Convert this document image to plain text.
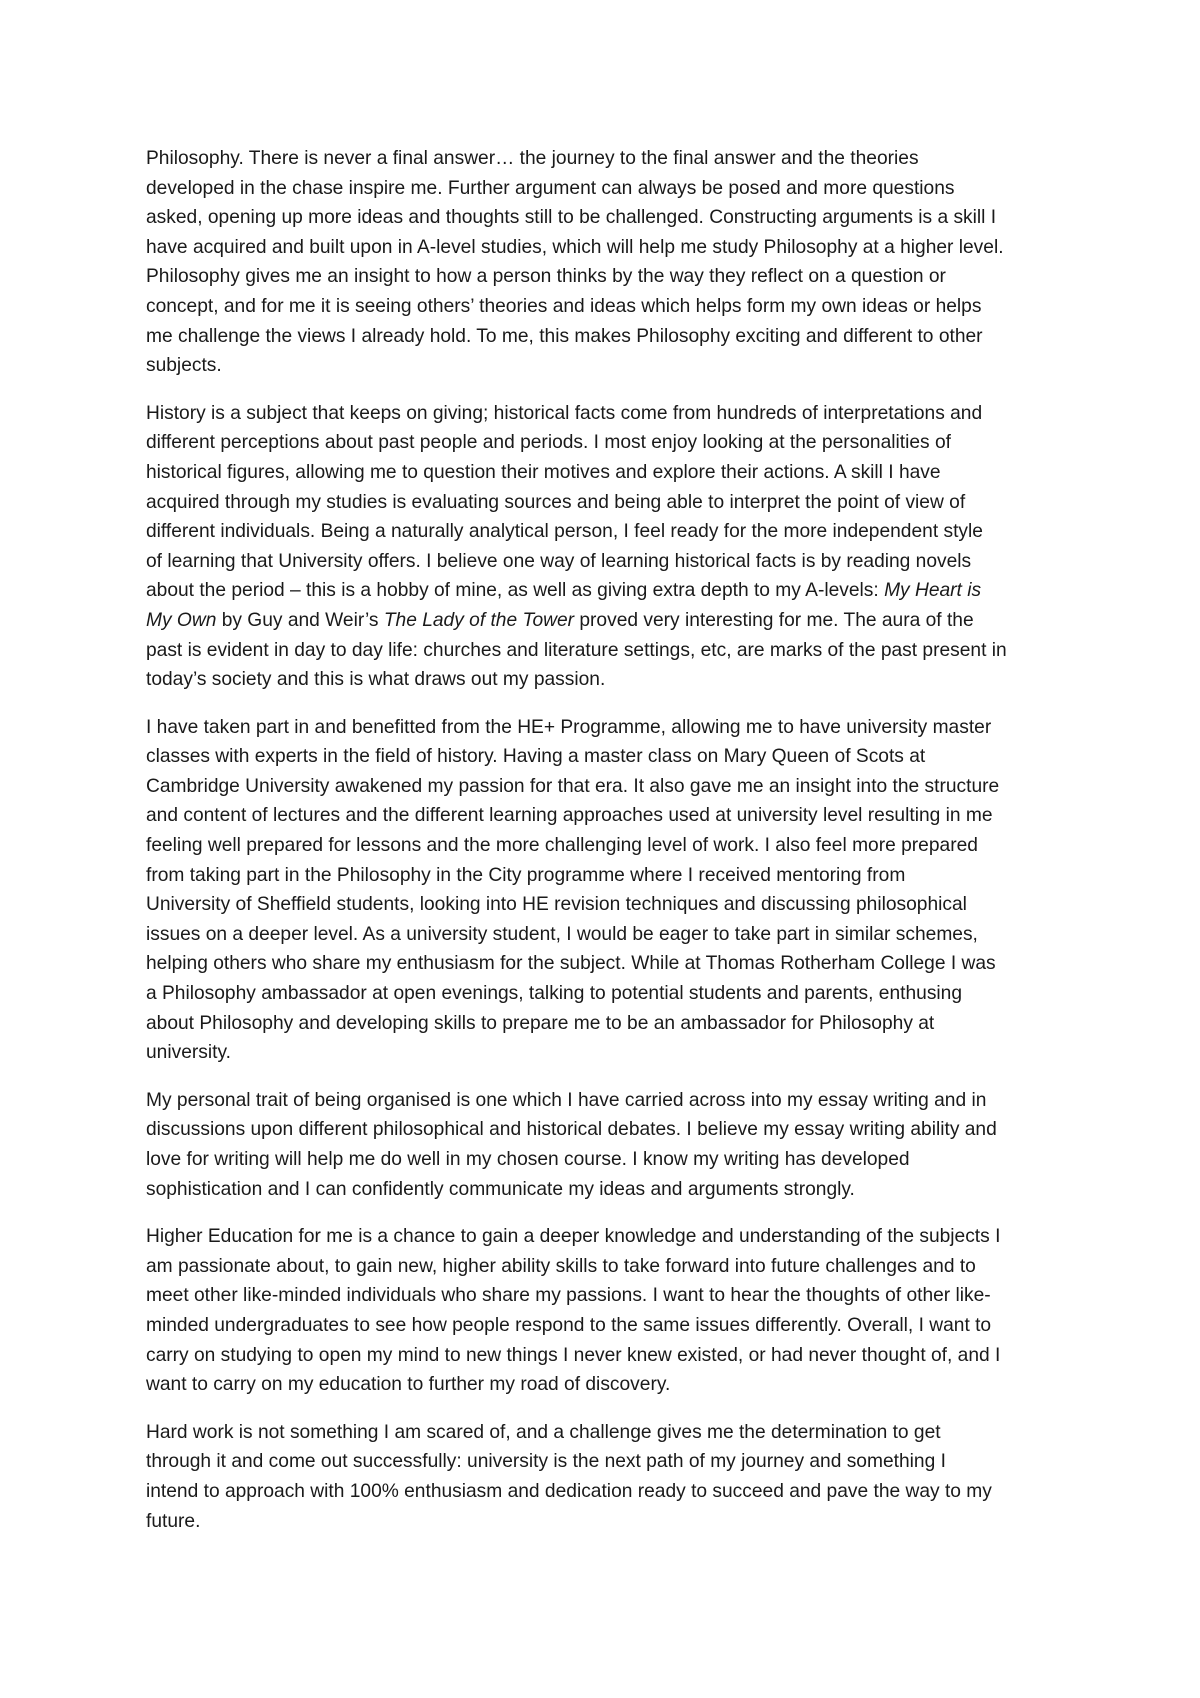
Philosophy. There is never a final answer… the journey to the final answer and the theories
developed in the chase inspire me. Further argument can always be posed and more questions
asked, opening up more ideas and thoughts still to be challenged. Constructing arguments is a skill I
have acquired and built upon in A-level studies, which will help me study Philosophy at a higher level.
Philosophy gives me an insight to how a person thinks by the way they reflect on a question or
concept, and for me it is seeing others’ theories and ideas which helps form my own ideas or helps
me challenge the views I already hold. To me, this makes Philosophy exciting and different to other
subjects.

History is a subject that keeps on giving; historical facts come from hundreds of interpretations and
different perceptions about past people and periods. I most enjoy looking at the personalities of
historical figures, allowing me to question their motives and explore their actions. A skill I have
acquired through my studies is evaluating sources and being able to interpret the point of view of
different individuals. Being a naturally analytical person, I feel ready for the more independent style
of learning that University offers. I believe one way of learning historical facts is by reading novels
about the period – this is a hobby of mine, as well as giving extra depth to my A-levels: My Heart is
My Own by Guy and Weir’s The Lady of the Tower proved very interesting for me. The aura of the
past is evident in day to day life: churches and literature settings, etc, are marks of the past present in
today’s society and this is what draws out my passion.

I have taken part in and benefitted from the HE+ Programme, allowing me to have university master
classes with experts in the field of history. Having a master class on Mary Queen of Scots at
Cambridge University awakened my passion for that era. It also gave me an insight into the structure
and content of lectures and the different learning approaches used at university level resulting in me
feeling well prepared for lessons and the more challenging level of work. I also feel more prepared
from taking part in the Philosophy in the City programme where I received mentoring from
University of Sheffield students, looking into HE revision techniques and discussing philosophical
issues on a deeper level. As a university student, I would be eager to take part in similar schemes,
helping others who share my enthusiasm for the subject. While at Thomas Rotherham College I was
a Philosophy ambassador at open evenings, talking to potential students and parents, enthusing
about Philosophy and developing skills to prepare me to be an ambassador for Philosophy at
university.

My personal trait of being organised is one which I have carried across into my essay writing and in
discussions upon different philosophical and historical debates. I believe my essay writing ability and
love for writing will help me do well in my chosen course. I know my writing has developed
sophistication and I can confidently communicate my ideas and arguments strongly.

Higher Education for me is a chance to gain a deeper knowledge and understanding of the subjects I
am passionate about, to gain new, higher ability skills to take forward into future challenges and to
meet other like-minded individuals who share my passions. I want to hear the thoughts of other like-
minded undergraduates to see how people respond to the same issues differently. Overall, I want to
carry on studying to open my mind to new things I never knew existed, or had never thought of, and I
want to carry on my education to further my road of discovery.

Hard work is not something I am scared of, and a challenge gives me the determination to get
through it and come out successfully: university is the next path of my journey and something I
intend to approach with 100% enthusiasm and dedication ready to succeed and pave the way to my
future.
